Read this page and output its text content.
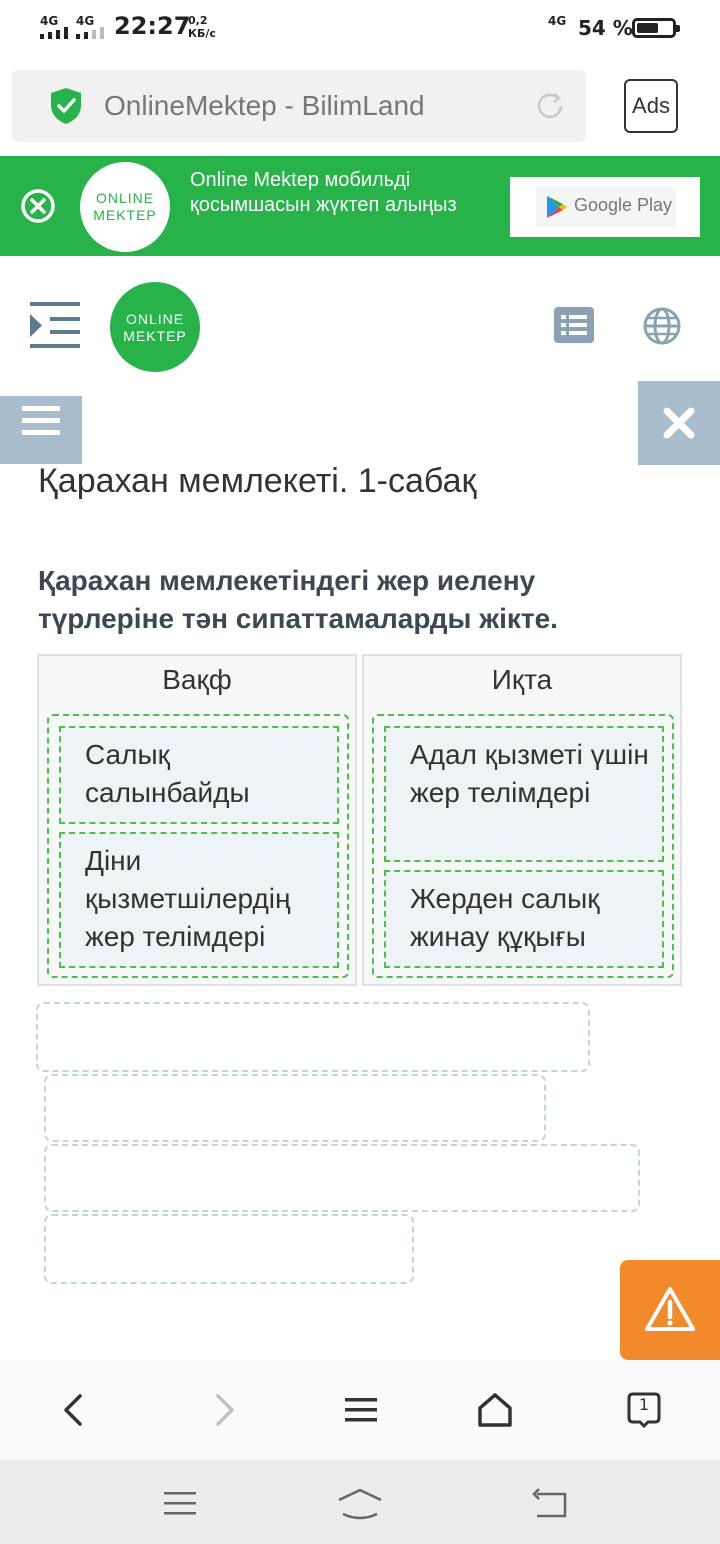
4G 4G 22:27
0,2
КБ/с
4G 54 %
OnlineMektep - BilimLand	Ads
ONLINE
MEKTEP
Online Mektep мобильді қосымшасын жүктеп алыңыз	Google Play
ONLINE
MEKTEP
Қарахан мемлекеті. 1-сабақ
Қарахан мемлекетіндегі жер иелену түрлеріне тән сипаттамаларды жікте.
Вақф
Салық салынбайды
Діни қызметшілердің жер телімдері
Иқта
Адал қызметі үшін жер телімдері
Жерден салық жинау құқығы
1
